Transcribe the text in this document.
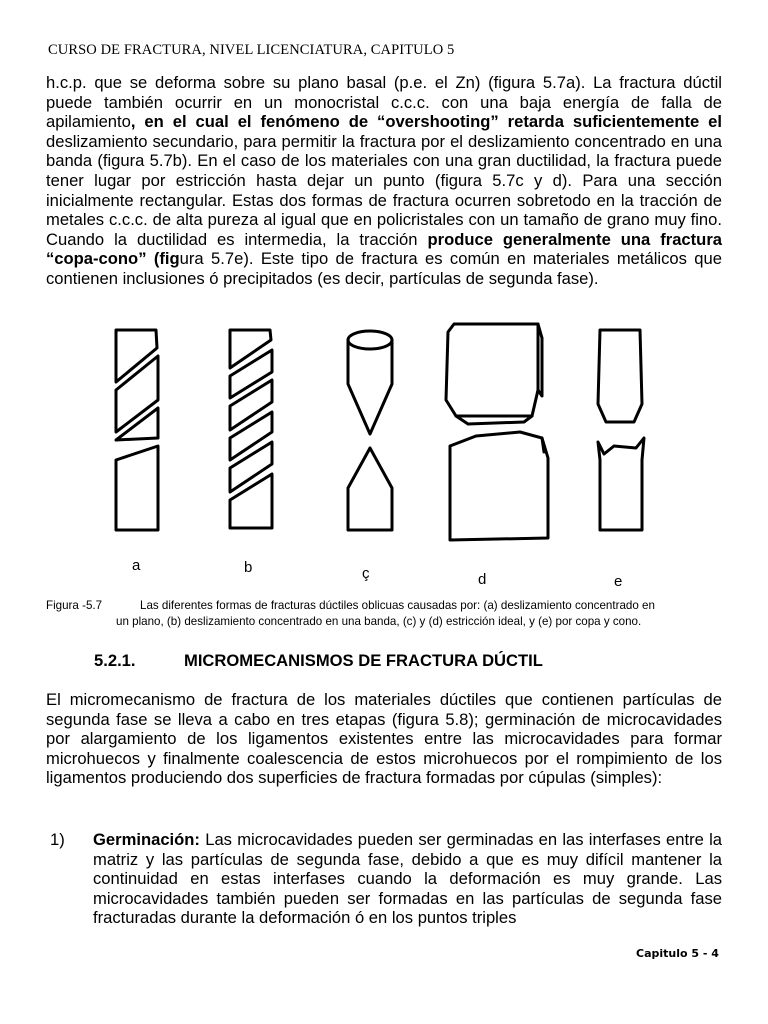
CURSO DE FRACTURA, NIVEL LICENCIATURA, CAPITULO 5
h.c.p. que se deforma sobre su plano basal (p.e. el Zn) (figura 5.7a). La fractura dúctil puede también ocurrir en un monocristal c.c.c. con una baja energía de falla de apilamiento, en el cual el fenómeno de “overshooting” retarda suficientemente el deslizamiento secundario, para permitir la fractura por el deslizamiento concentrado en una banda (figura 5.7b). En el caso de los materiales con una gran ductilidad, la fractura puede tener lugar por estricción hasta dejar un punto (figura 5.7c y d). Para una sección inicialmente rectangular. Estas dos formas de fractura ocurren sobretodo en la tracción de metales c.c.c. de alta pureza al igual que en policristales con un tamaño de grano muy fino. Cuando la ductilidad es intermedia, la tracción produce generalmente una fractura “copa-cono” (figura 5.7e). Este tipo de fractura es común en materiales metálicos que contienen inclusiones ó precipitados (es decir, partículas de segunda fase).
a	b	ç	d	e
Figura -5.7	Las diferentes formas de fracturas dúctiles oblicuas causadas por: (a) deslizamiento concentrado en
un plano, (b) deslizamiento concentrado en una banda, (c) y (d) estricción ideal, y (e) por copa y cono.
5.2.1.	MICROMECANISMOS DE FRACTURA DÚCTIL
El micromecanismo de fractura de los materiales dúctiles que contienen partículas de segunda fase se lleva a cabo en tres etapas (figura 5.8); germinación de microcavidades por alargamiento de los ligamentos existentes entre las microcavidades para formar microhuecos y finalmente coalescencia de estos microhuecos por el rompimiento de los ligamentos produciendo dos superficies de fractura formadas por cúpulas (simples):
1) Germinación: Las microcavidades pueden ser germinadas en las interfases entre la matriz y las partículas de segunda fase, debido a que es muy difícil mantener la continuidad en estas interfases cuando la deformación es muy grande. Las microcavidades también pueden ser formadas en las partículas de segunda fase fracturadas durante la deformación ó en los puntos triples
Capitulo 5 - 4
